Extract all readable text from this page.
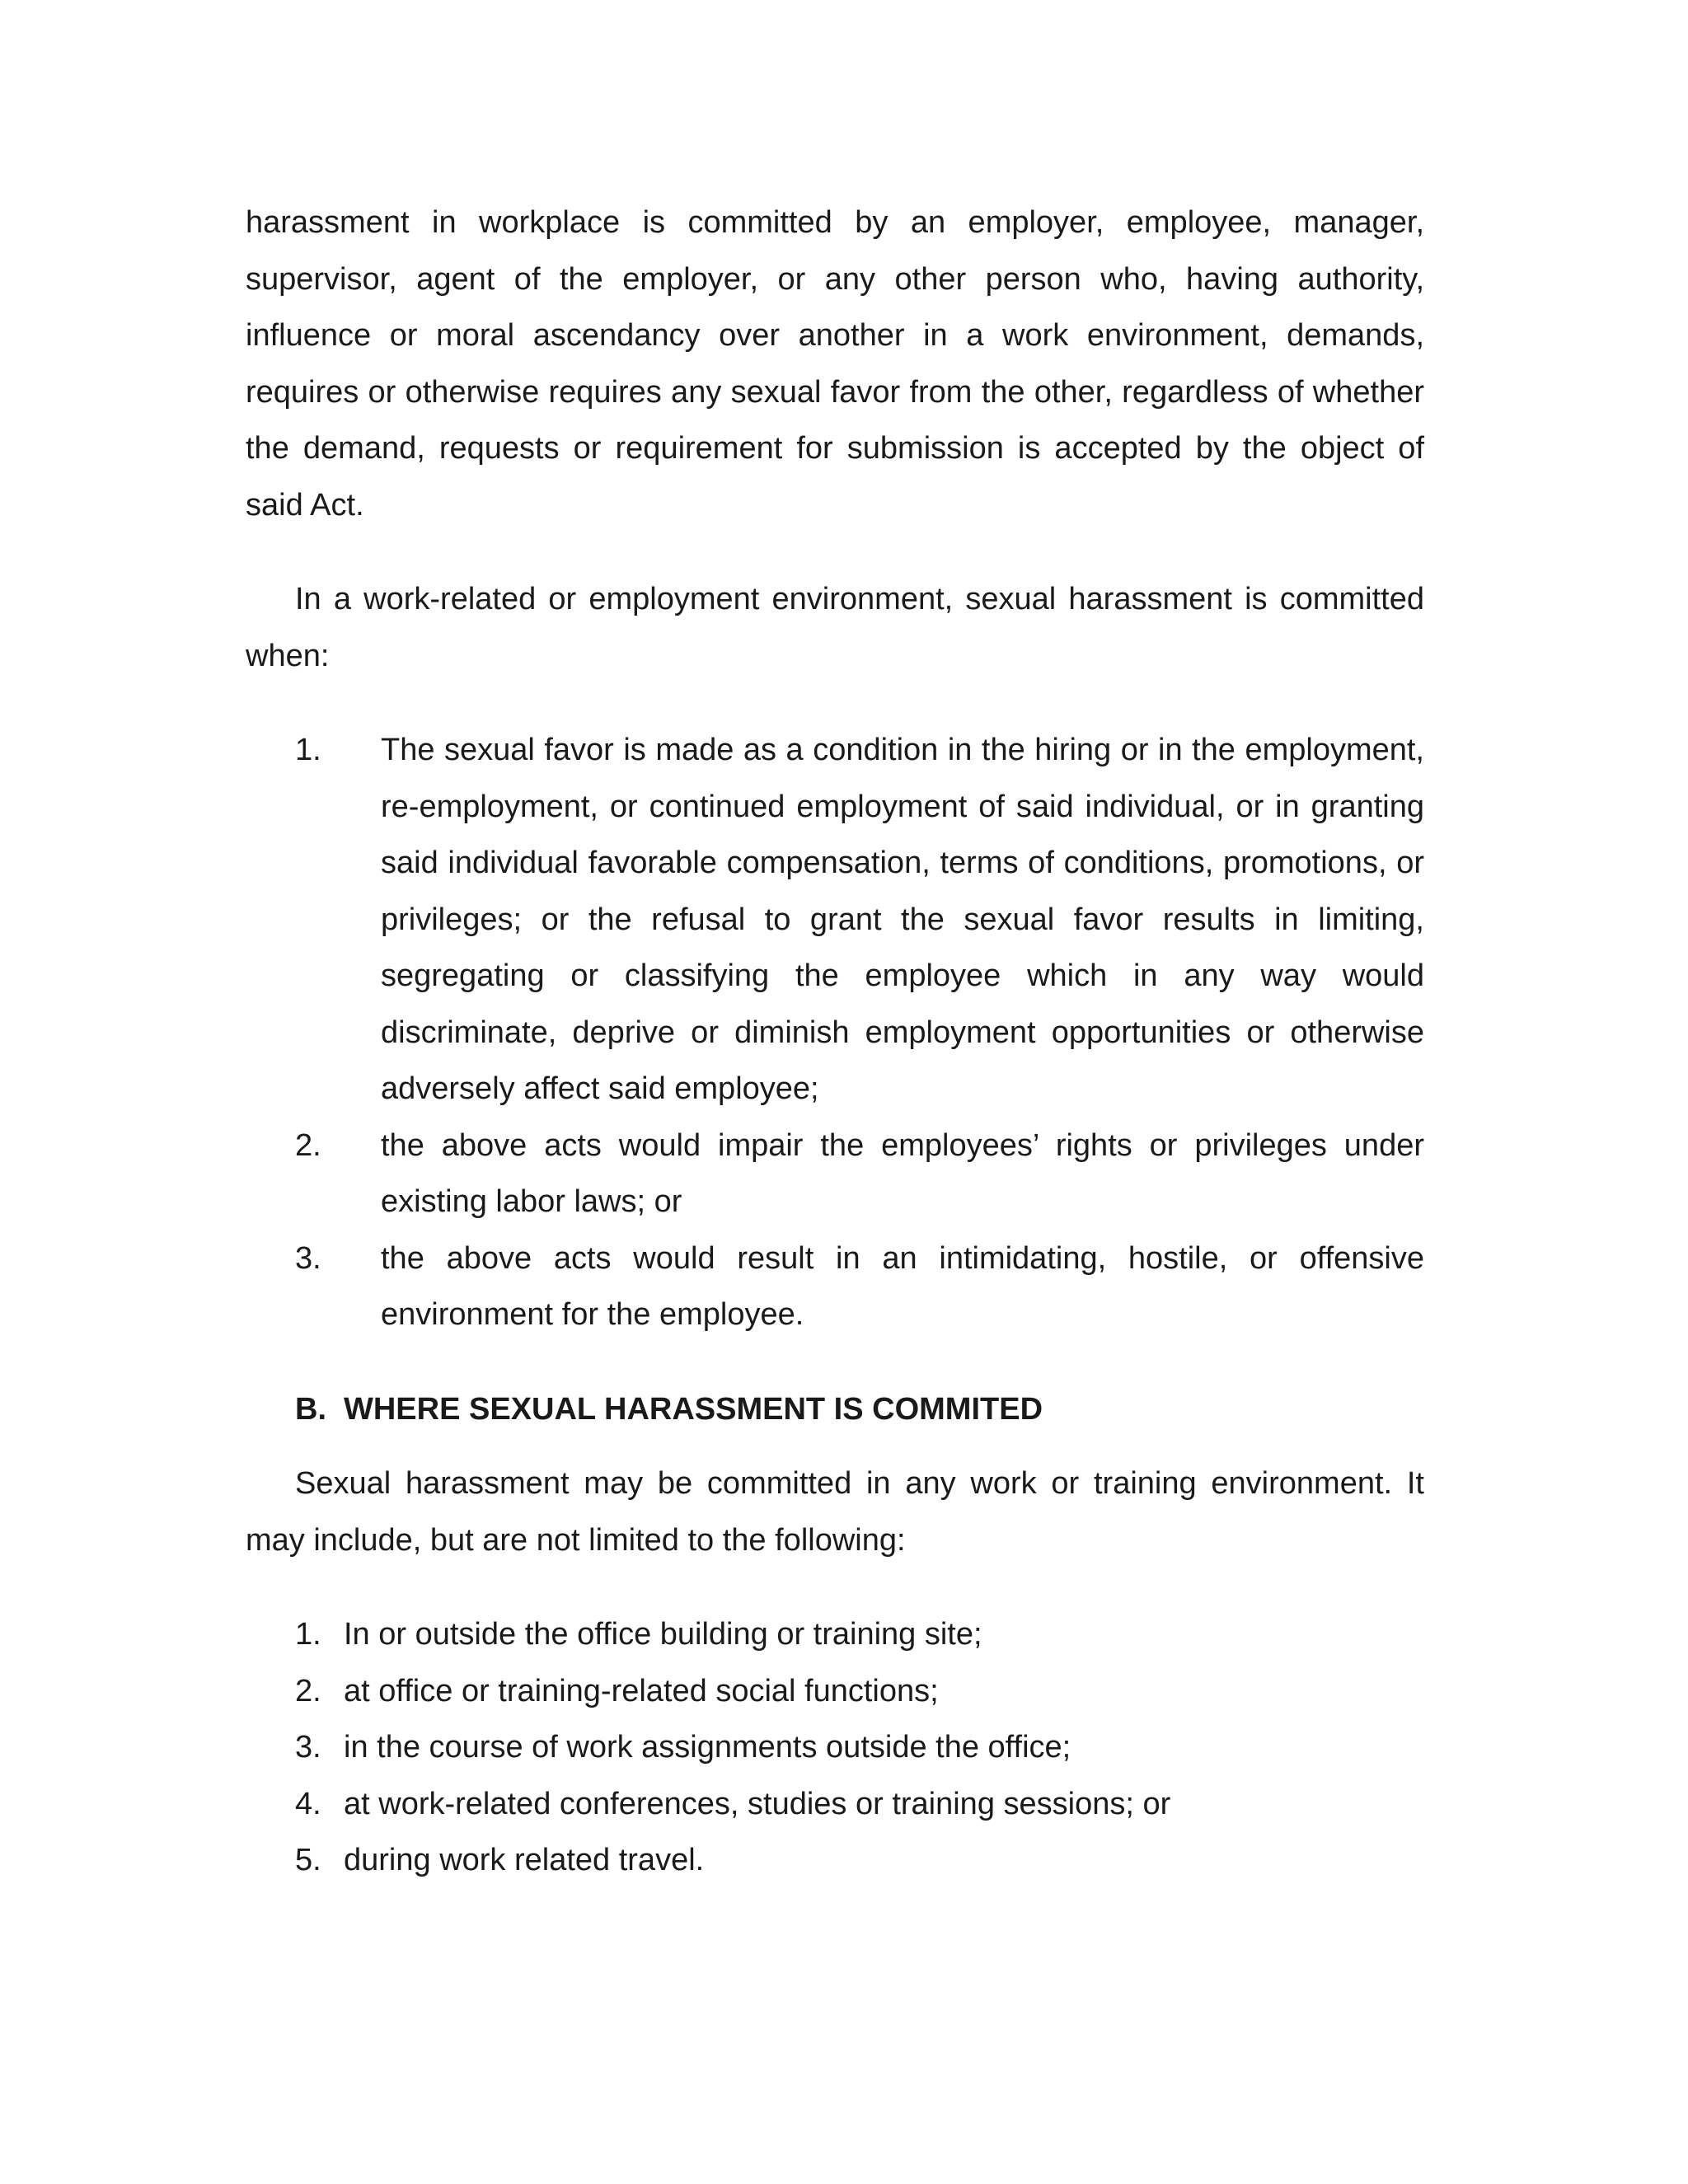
harassment in workplace is committed by an employer, employee, manager, supervisor, agent of the employer, or any other person who, having authority, influence or moral ascendancy over another in a work environment, demands, requires or otherwise requires any sexual favor from the other, regardless of whether the demand, requests or requirement for submission is accepted by the object of said Act.

In a work-related or employment environment, sexual harassment is committed when:

1.	The sexual favor is made as a condition in the hiring or in the employment, re-employment, or continued employment of said individual, or in granting said individual favorable compensation, terms of conditions, promotions, or privileges; or the refusal to grant the sexual favor results in limiting, segregating or classifying the employee which in any way would discriminate, deprive or diminish employment opportunities or otherwise adversely affect said employee;
2.	the above acts would impair the employees’ rights or privileges under existing labor laws; or
3.	the above acts would result in an intimidating, hostile, or offensive environment for the employee.
B. WHERE SEXUAL HARASSMENT IS COMMITED

Sexual harassment may be committed in any work or training environment. It may include, but are not limited to the following:

1. In or outside the office building or training site;
2. at office or training-related social functions;
3. in the course of work assignments outside the office;
4. at work-related conferences, studies or training sessions; or
5. during work related travel.
